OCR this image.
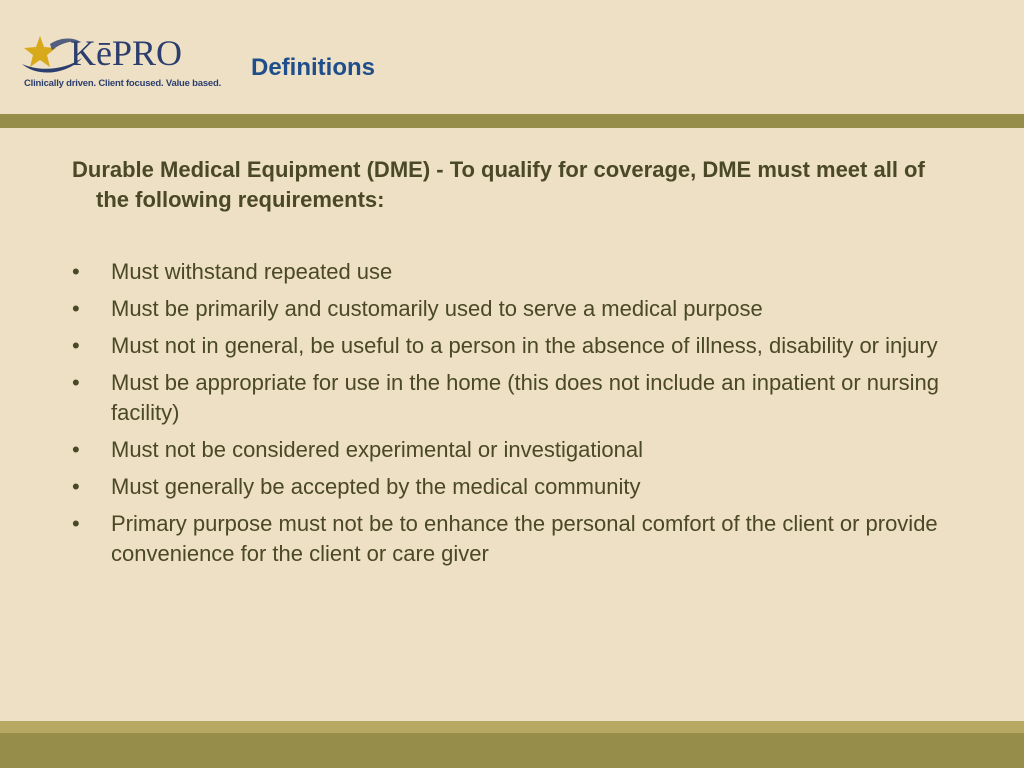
KēPRO
Clinically driven. Client focused. Value based.
Definitions

Durable Medical Equipment (DME) - To qualify for coverage, DME must meet all of the following requirements:

• Must withstand repeated use
• Must be primarily and customarily used to serve a medical purpose
• Must not in general, be useful to a person in the absence of illness, disability or injury
• Must be appropriate for use in the home (this does not include an inpatient or nursing facility)
• Must not be considered experimental or investigational
• Must generally be accepted by the medical community
• Primary purpose must not be to enhance the personal comfort of the client or provide convenience for the client or care giver
